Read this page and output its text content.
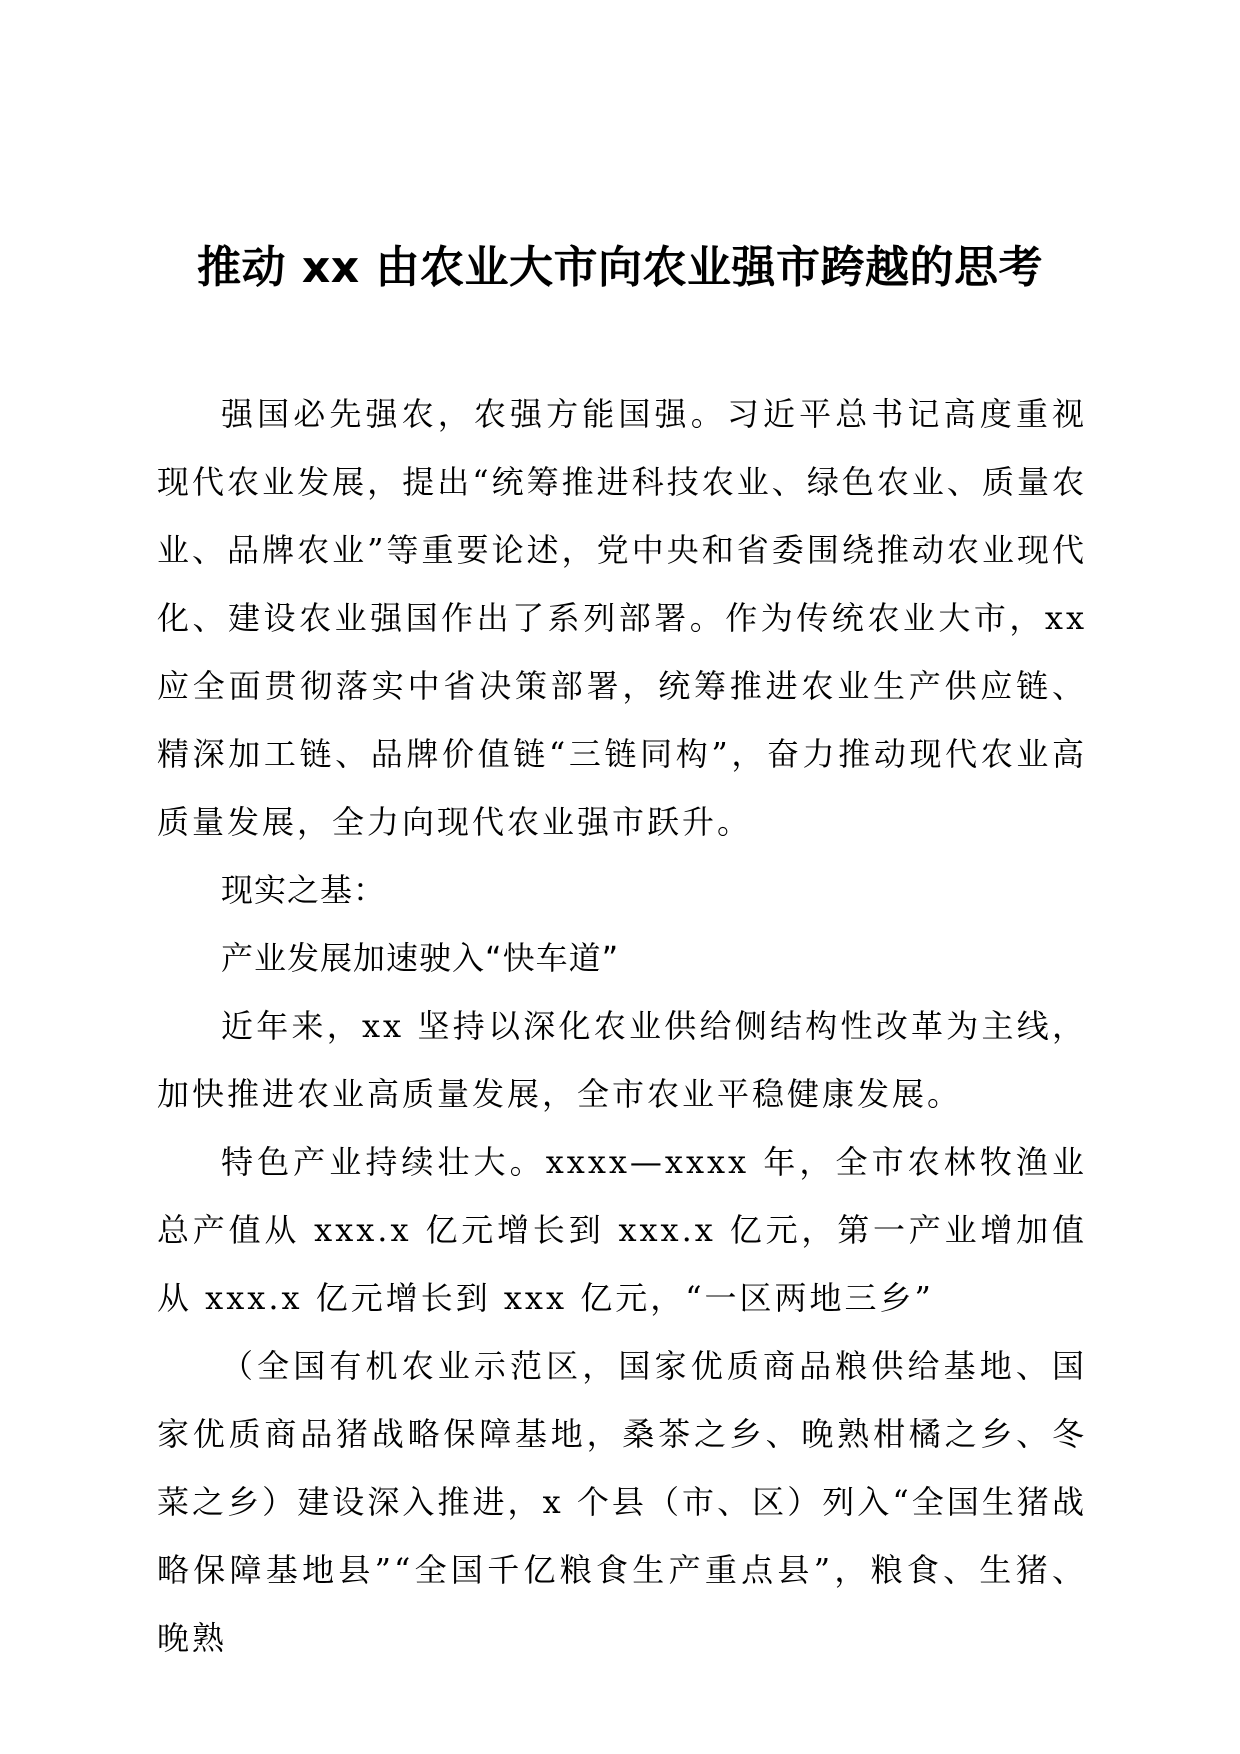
推动 xx 由农业大市向农业强市跨越的思考

强国必先强农，农强方能国强。习近平总书记高度重视现代农业发展，提出“统筹推进科技农业、绿色农业、质量农业、品牌农业”等重要论述，党中央和省委围绕推动农业现代化、建设农业强国作出了系列部署。作为传统农业大市，xx 应全面贯彻落实中省决策部署，统筹推进农业生产供应链、精深加工链、品牌价值链“三链同构”，奋力推动现代农业高质量发展，全力向现代农业强市跃升。

现实之基：

产业发展加速驶入“快车道”

近年来，xx 坚持以深化农业供给侧结构性改革为主线，加快推进农业高质量发展，全市农业平稳健康发展。

特色产业持续壮大。xxxx—xxxx 年，全市农林牧渔业总产值从 xxx.x 亿元增长到 xxx.x 亿元，第一产业增加值从 xxx.x 亿元增长到 xxx 亿元，“一区两地三乡”

（全国有机农业示范区，国家优质商品粮供给基地、国家优质商品猪战略保障基地，桑茶之乡、晚熟柑橘之乡、冬菜之乡）建设深入推进，x 个县（市、区）列入“全国生猪战略保障基地县”“全国千亿粮食生产重点县”，粮食、生猪、晚熟
